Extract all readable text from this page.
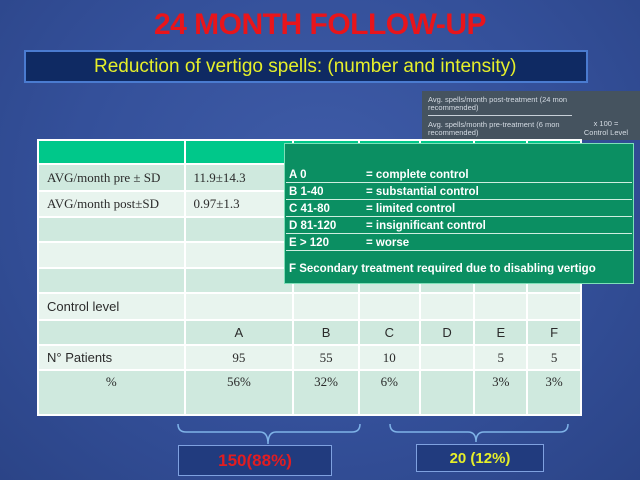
24 MONTH FOLLOW-UP
Reduction of vertigo spells: (number and intensity)
Avg. spells/month post-treatment (24 mon recommended)
Avg. spells/month pre-treatment (6 mon recommended)
x 100 =
Control Level

AVG/month pre ± SD	11.9±14.3					
AVG/month post±SD	0.97±1.3					

Control level						
	A	B	C	D	E	F
N° Patients	95	55	10		5	5
%	56%	32%	6%		3%	3%
A 0	= complete control
B 1-40	= substantial control
C 41-80	= limited control
D 81-120	= insignificant control
E > 120	= worse
F Secondary treatment required due to disabling vertigo
150(88%)	20 (12%)
